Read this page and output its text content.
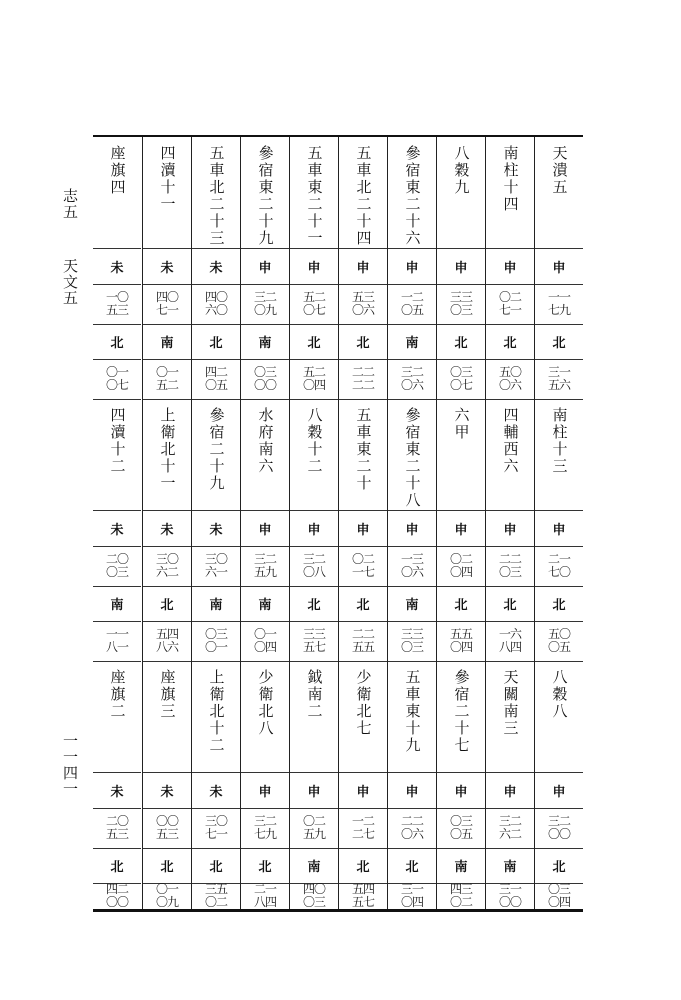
志五
天文五
一一四一
天潰五
申
一一
七九
北
三一
五六
南柱十三
申
二一
七〇
北
五〇
〇五
八穀八
申
三二
〇〇
北
〇三
〇四
南柱十四
申
〇二
七一
北
五〇
〇六
四輔西六
申
二二
〇三
北
一六
八四
天關南三
申
三二
六二
南
三一
〇〇
八穀九
申
三三
〇三
北
〇三
〇七
六甲
申
〇二
〇四
北
五五
〇四
參宿二十七
申
〇三
〇五
南
四三
〇二
參宿東二十六
申
一二
〇五
南
三二
〇六
參宿東二十八
申
一三
〇六
南
三三
〇三
五車東十九
申
二二
〇六
北
三一
〇四
五車北二十四
申
五三
〇六
北
二二
二二
五車東二十
申
〇二
一七
北
二二
五五
少衛北七
申
一二
二七
北
五四
五七
五車東二十一
申
五二
〇七
北
五二
〇四
八穀十二
申
三二
〇八
北
三三
五七
鉞南二
申
〇二
五九
南
四〇
〇三
參宿東二十九
申
三二
〇九
南
〇三
〇〇
水府南六
申
三二
五九
南
〇一
〇四
少衛北八
申
三二
七九
北
二一
八四
五車北二十三
未
四〇
六〇
北
四二
〇五
參宿二十九
未
三〇
六一
南
〇三
〇一
上衛北十二
未
三〇
七一
北
三五
〇二
四瀆十一
未
四〇
七一
南
〇一
五二
上衛北十一
未
三〇
六二
北
五四
八六
座旗三
未
〇〇
五三
北
〇一
〇九
座旗四
未
一〇
五三
北
〇一
〇七
四瀆十二
未
二〇
〇三
南
一一
八一
座旗二
未
二〇
五三
北
四二
〇〇
